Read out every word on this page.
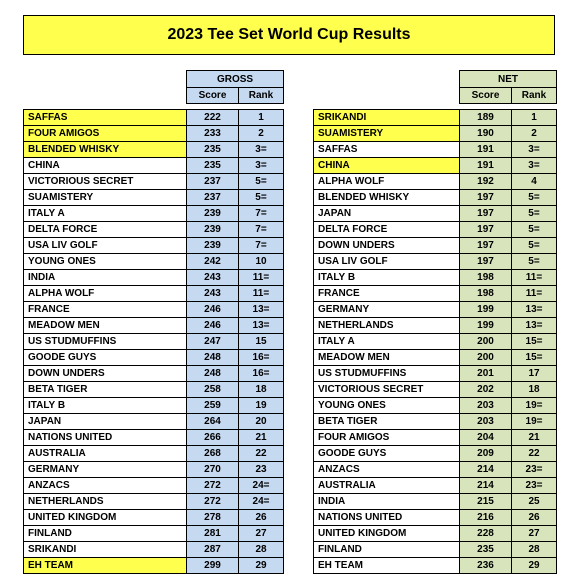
2023 Tee Set World Cup Results
GROSS
Score	Rank
SAFFAS	222	1
FOUR AMIGOS	233	2
BLENDED WHISKY	235	3=
CHINA	235	3=
VICTORIOUS SECRET	237	5=
SUAMISTERY	237	5=
ITALY A	239	7=
DELTA FORCE	239	7=
USA LIV GOLF	239	7=
YOUNG ONES	242	10
INDIA	243	11=
ALPHA WOLF	243	11=
FRANCE	246	13=
MEADOW MEN	246	13=
US STUDMUFFINS	247	15
GOODE GUYS	248	16=
DOWN UNDERS	248	16=
BETA TIGER	258	18
ITALY B	259	19
JAPAN	264	20
NATIONS UNITED	266	21
AUSTRALIA	268	22
GERMANY	270	23
ANZACS	272	24=
NETHERLANDS	272	24=
UNITED KINGDOM	278	26
FINLAND	281	27
SRIKANDI	287	28
EH TEAM	299	29
NET
Score	Rank
SRIKANDI	189	1
SUAMISTERY	190	2
SAFFAS	191	3=
CHINA	191	3=
ALPHA WOLF	192	4
BLENDED WHISKY	197	5=
JAPAN	197	5=
DELTA FORCE	197	5=
DOWN UNDERS	197	5=
USA LIV GOLF	197	5=
ITALY B	198	11=
FRANCE	198	11=
GERMANY	199	13=
NETHERLANDS	199	13=
ITALY A	200	15=
MEADOW MEN	200	15=
US STUDMUFFINS	201	17
VICTORIOUS SECRET	202	18
YOUNG ONES	203	19=
BETA TIGER	203	19=
FOUR AMIGOS	204	21
GOODE GUYS	209	22
ANZACS	214	23=
AUSTRALIA	214	23=
INDIA	215	25
NATIONS UNITED	216	26
UNITED KINGDOM	228	27
FINLAND	235	28
EH TEAM	236	29
